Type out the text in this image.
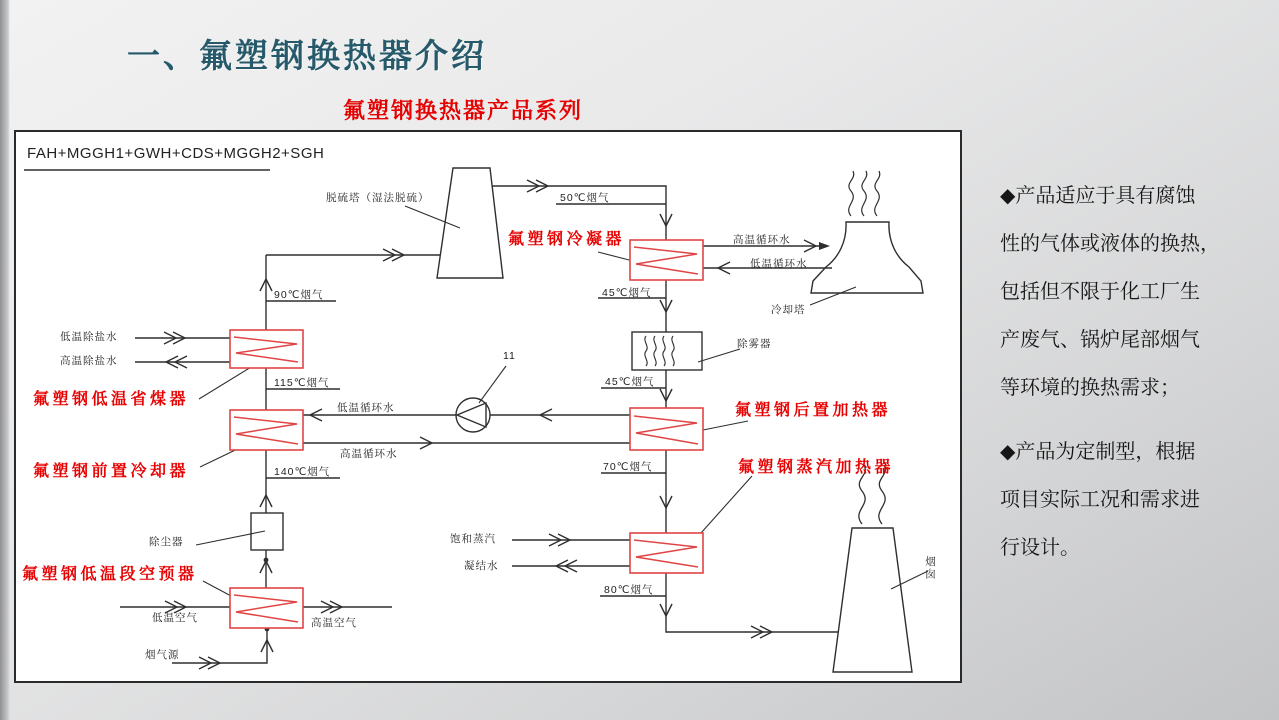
一、氟塑钢换热器介绍
氟塑钢换热器产品系列
FAH+MGGH1+GWH+CDS+MGGH2+SGH
脱硫塔（湿法脱硫）	50℃烟气
氟塑钢冷凝器	高温循环水
低温循环水
冷却塔
45℃烟气
除雾器
45℃烟气
氟塑钢后置加热器
70℃烟气	氟塑钢蒸汽加热器
饱和蒸汽
凝结水
80℃烟气
烟囱
90℃烟气
低温除盐水
高温除盐水
氟塑钢低温省煤器
115℃烟气
氟塑钢前置冷却器	140℃烟气
低温循环水
高温循环水
11
除尘器
氟塑钢低温段空预器
低温空气	高温空气
烟气源
◆产品适应于具有腐蚀
性的气体或液体的换热，
包括但不限于化工厂生
产废气、锅炉尾部烟气
等环境的换热需求；
◆产品为定制型，根据
项目实际工况和需求进
行设计。
